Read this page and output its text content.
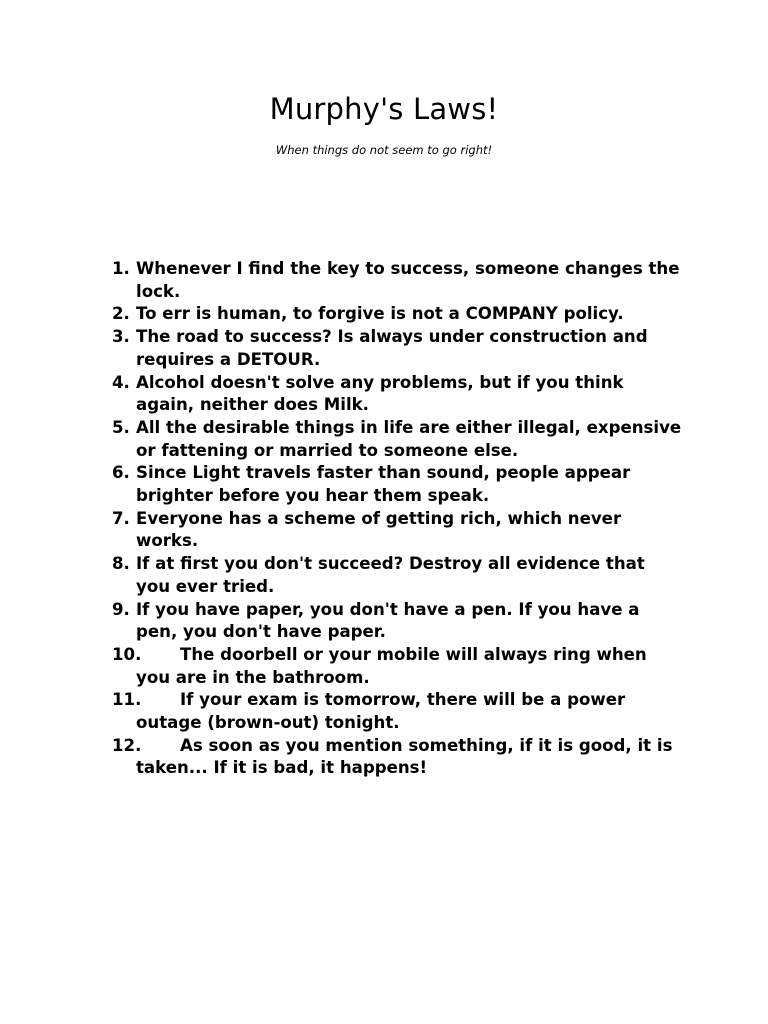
Murphy's Laws!

When things do not seem to go right!

1. Whenever I find the key to success, someone changes the lock.
2. To err is human, to forgive is not a COMPANY policy.
3. The road to success? Is always under construction and requires a DETOUR.
4. Alcohol doesn't solve any problems, but if you think again, neither does Milk.
5. All the desirable things in life are either illegal, expensive or fattening or married to someone else.
6. Since Light travels faster than sound, people appear brighter before you hear them speak.
7. Everyone has a scheme of getting rich, which never works.
8. If at first you don't succeed? Destroy all evidence that you ever tried.
9. If you have paper, you don't have a pen. If you have a pen, you don't have paper.
10. The doorbell or your mobile will always ring when you are in the bathroom.
11. If your exam is tomorrow, there will be a power outage (brown-out) tonight.
12. As soon as you mention something, if it is good, it is taken... If it is bad, it happens!
